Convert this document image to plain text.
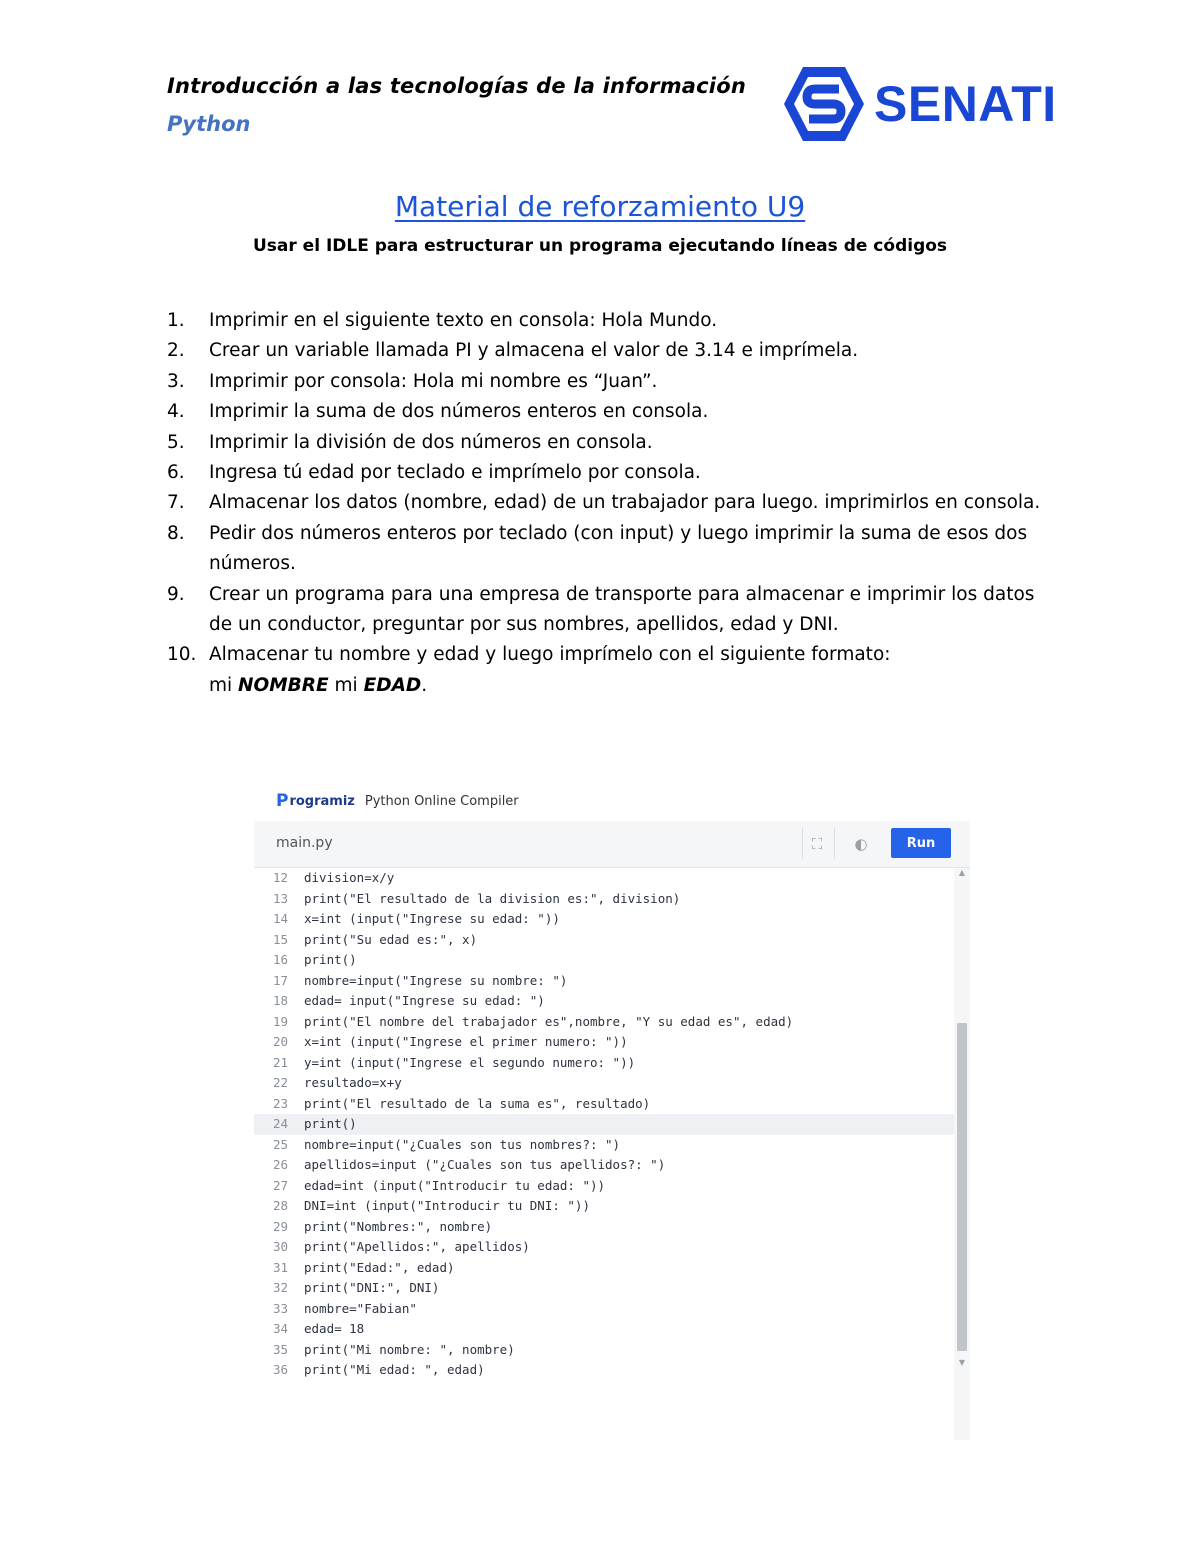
Introducción a las tecnologías de la información
Python	SENATI
Material de reforzamiento U9
Usar el IDLE para estructurar un programa ejecutando líneas de códigos
1. Imprimir en el siguiente texto en consola: Hola Mundo.
2. Crear un variable llamada PI y almacena el valor de 3.14 e imprímela.
3. Imprimir por consola: Hola mi nombre es “Juan”.
4. Imprimir la suma de dos números enteros en consola.
5. Imprimir la división de dos números en consola.
6. Ingresa tú edad por teclado e imprímelo por consola.
7. Almacenar los datos (nombre, edad) de un trabajador para luego. imprimirlos en consola.
8. Pedir dos números enteros por teclado (con input) y luego imprimir la suma de esos dos números.
9. Crear un programa para una empresa de transporte para almacenar e imprimir los datos de un conductor, preguntar por sus nombres, apellidos, edad y DNI.
10. Almacenar tu nombre y edad y luego imprímelo con el siguiente formato:
mi NOMBRE mi EDAD.
P rogramiz Python Online Compiler
main.py	⛶	◐	Run
12 division=x/y
13 print("El resultado de la division es:", division)
14 x=int (input("Ingrese su edad: "))
15 print("Su edad es:", x)
16 print()
17 nombre=input("Ingrese su nombre: ")
18 edad= input("Ingrese su edad: ")
19 print("El nombre del trabajador es",nombre, "Y su edad es", edad)
20 x=int (input("Ingrese el primer numero: "))
21 y=int (input("Ingrese el segundo numero: "))
22 resultado=x+y
23 print("El resultado de la suma es", resultado)
24 print()
25 nombre=input("¿Cuales son tus nombres?: ")
26 apellidos=input ("¿Cuales son tus apellidos?: ")
27 edad=int (input("Introducir tu edad: "))
28 DNI=int (input("Introducir tu DNI: "))
29 print("Nombres:", nombre)
30 print("Apellidos:", apellidos)
31 print("Edad:", edad)
32 print("DNI:", DNI)
33 nombre="Fabian"
34 edad= 18
35 print("Mi nombre: ", nombre)
36 print("Mi edad: ", edad)
▲
▼
